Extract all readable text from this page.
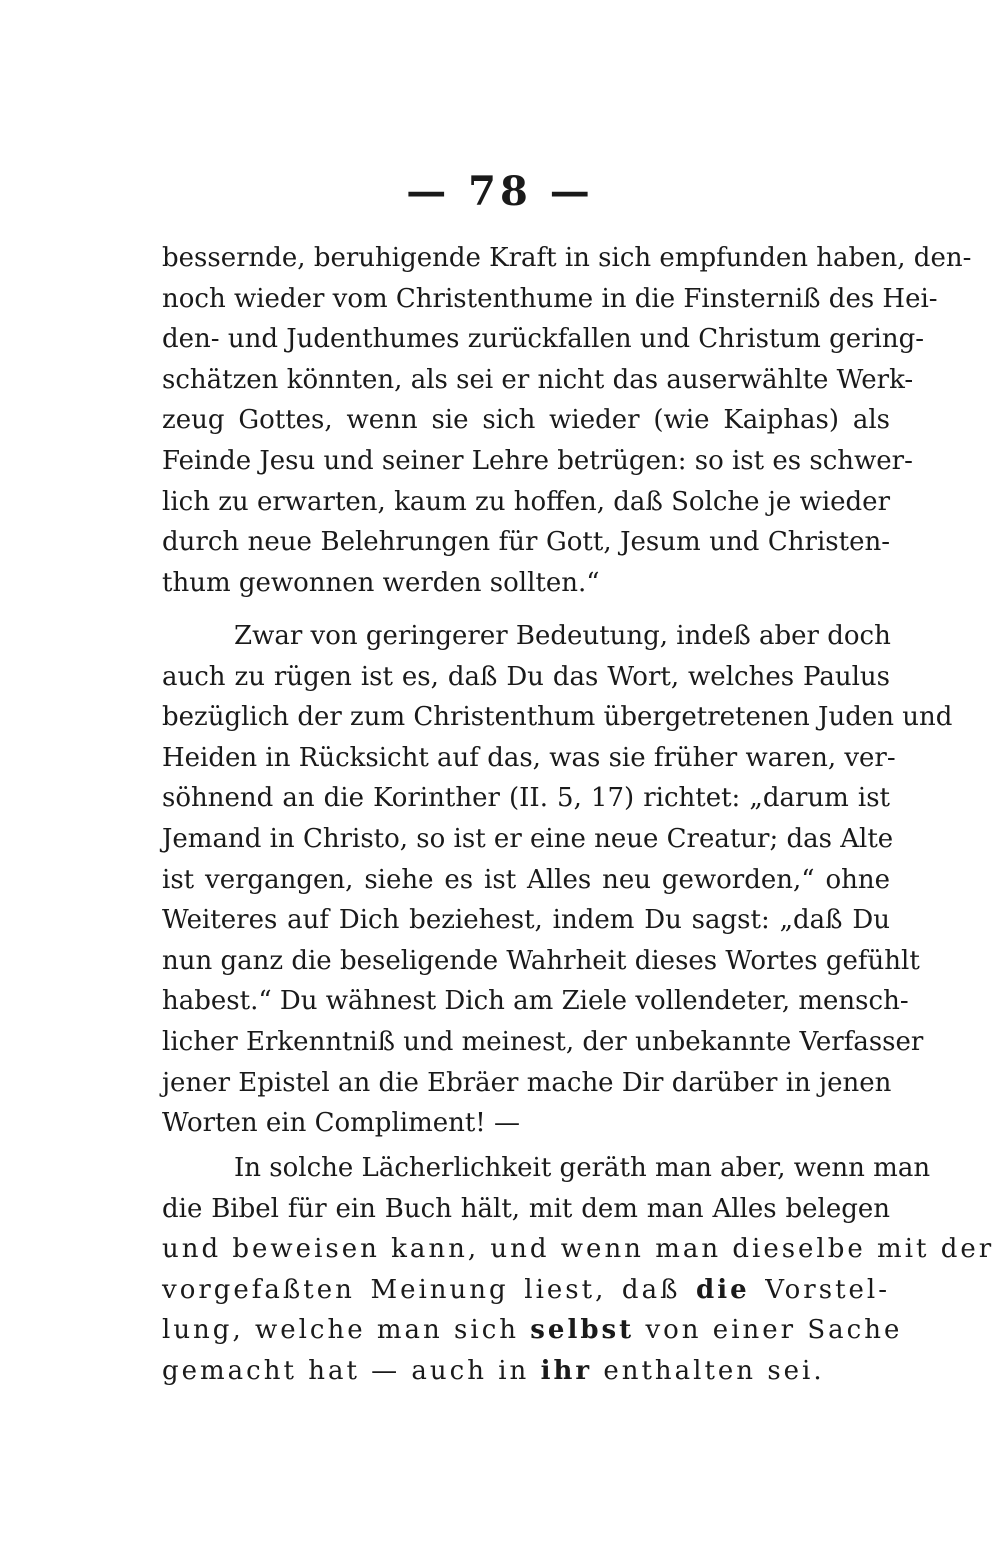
— 78 —
bessernde, beruhigende Kraft in sich empfunden haben, den-
noch wieder vom Christenthume in die Finsterniß des Hei-
den- und Judenthumes zurückfallen und Christum gering-
schätzen könnten, als sei er nicht das auserwählte Werk-
zeug Gottes, wenn sie sich wieder (wie Kaiphas) als
Feinde Jesu und seiner Lehre betrügen: so ist es schwer-
lich zu erwarten, kaum zu hoffen, daß Solche je wieder
durch neue Belehrungen für Gott, Jesum und Christen-
thum gewonnen werden sollten.“
Zwar von geringerer Bedeutung, indeß aber doch
auch zu rügen ist es, daß Du das Wort, welches Paulus
bezüglich der zum Christenthum übergetretenen Juden und
Heiden in Rücksicht auf das, was sie früher waren, ver-
söhnend an die Korinther (II. 5, 17) richtet: „darum ist
Jemand in Christo, so ist er eine neue Creatur; das Alte
ist vergangen, siehe es ist Alles neu geworden,“ ohne
Weiteres auf Dich beziehest, indem Du sagst: „daß Du
nun ganz die beseligende Wahrheit dieses Wortes gefühlt
habest.“ Du wähnest Dich am Ziele vollendeter, mensch-
licher Erkenntniß und meinest, der unbekannte Verfasser
jener Epistel an die Ebräer mache Dir darüber in jenen
Worten ein Compliment! —
In solche Lächerlichkeit geräth man aber, wenn man
die Bibel für ein Buch hält, mit dem man Alles belegen
und beweisen kann, und wenn man dieselbe mit der
vorgefaßten Meinung liest, daß die Vorstel-
lung, welche man sich selbst von einer Sache
gemacht hat — auch in ihr enthalten sei.
